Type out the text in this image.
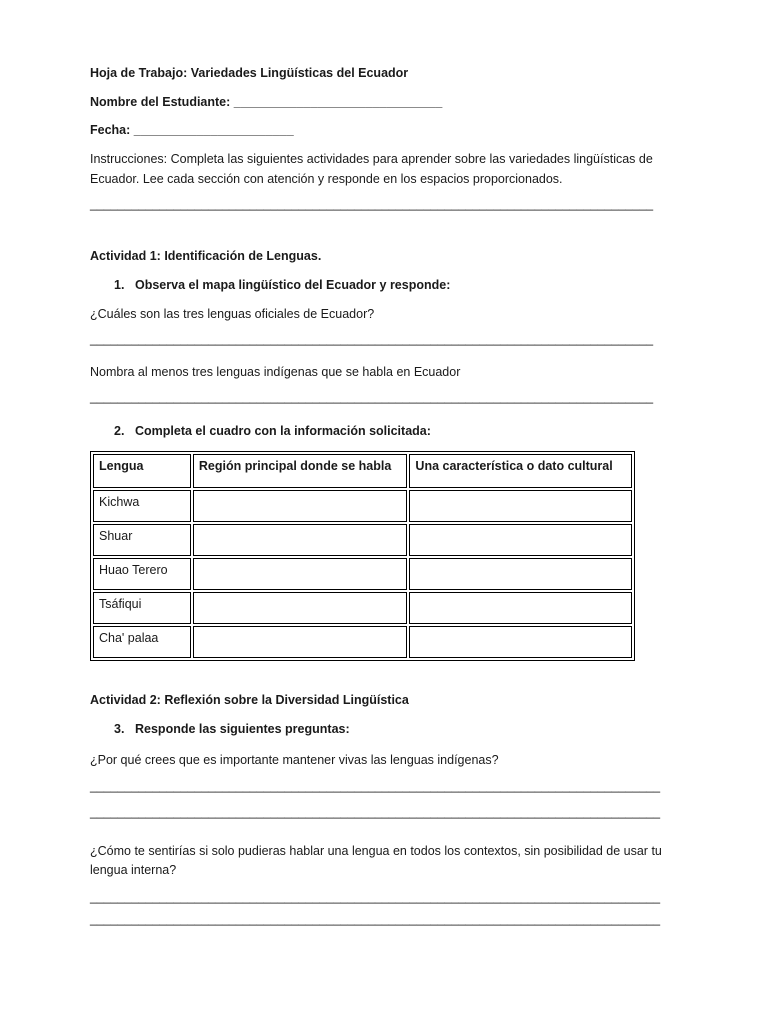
Hoja de Trabajo: Variedades Lingüísticas del Ecuador
Nombre del Estudiante: ______________________________
Fecha: _______________________
Instrucciones: Completa las siguientes actividades para aprender sobre las variedades lingüísticas de
Ecuador. Lee cada sección con atención y responde en los espacios proporcionados.
_________________________________________________________________________________
Actividad 1: Identificación de Lenguas.
1. Observa el mapa lingüístico del Ecuador y responde:
¿Cuáles son las tres lenguas oficiales de Ecuador?
_________________________________________________________________________________
Nombra al menos tres lenguas indígenas que se habla en Ecuador
_________________________________________________________________________________
2. Completa el cuadro con la información solicitada:
Lengua	Región principal donde se habla	Una característica o dato cultural
Kichwa		
Shuar		
Huao Terero		
Tsáfiqui		
Cha' palaa		
Actividad 2: Reflexión sobre la Diversidad Lingüística
3. Responde las siguientes preguntas:
¿Por qué crees que es importante mantener vivas las lenguas indígenas?
__________________________________________________________________________________
__________________________________________________________________________________
¿Cómo te sentirías si solo pudieras hablar una lengua en todos los contextos, sin posibilidad de usar tu
lengua interna?
__________________________________________________________________________________
__________________________________________________________________________________
